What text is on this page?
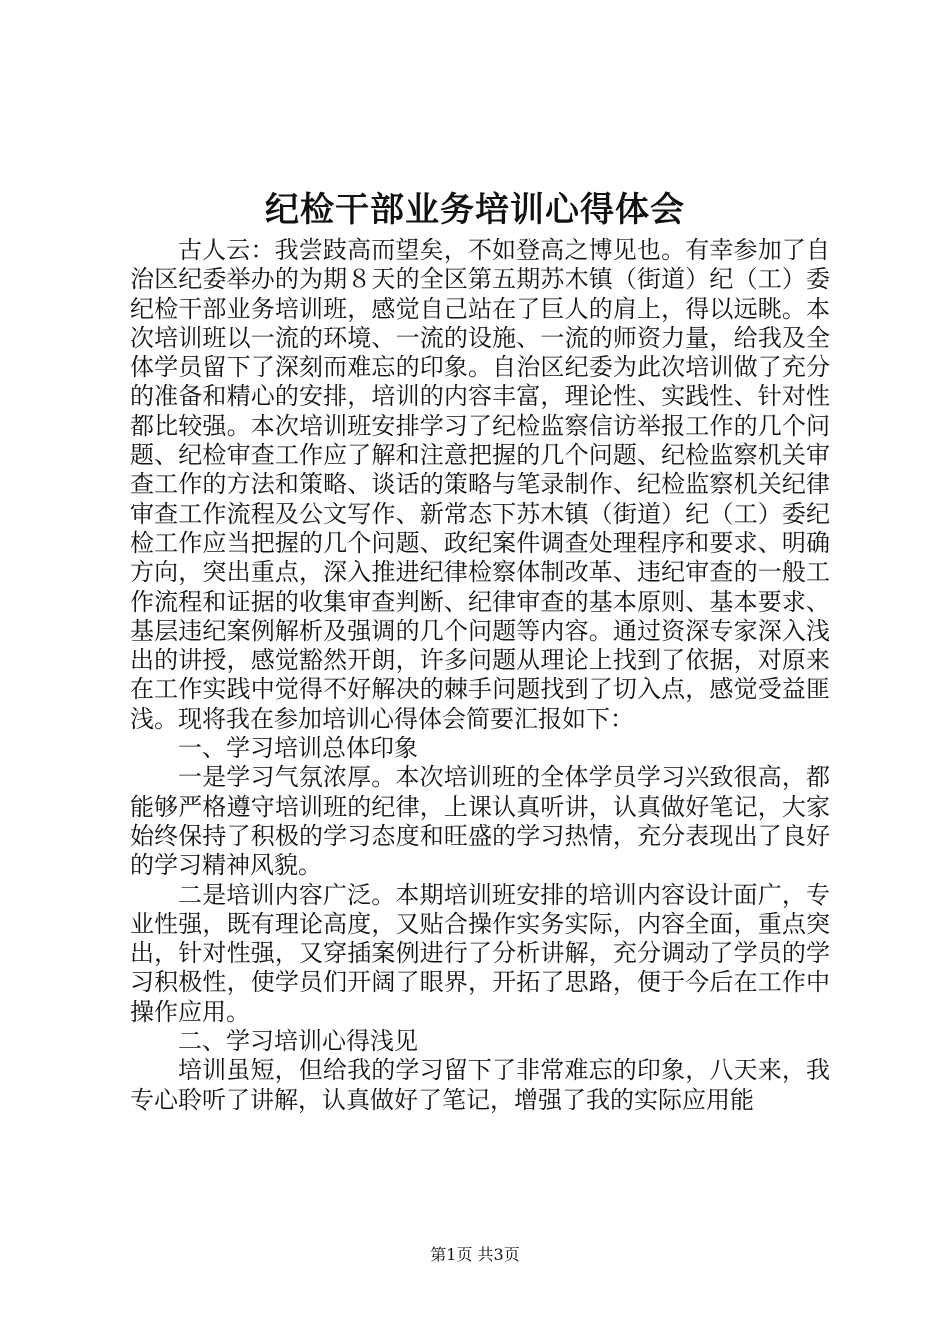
纪检干部业务培训心得体会

古人云：我尝跂高而望矣，不如登高之博见也。有幸参加了自治区纪委举办的为期８天的全区第五期苏木镇（街道）纪（工）委纪检干部业务培训班，感觉自己站在了巨人的肩上，得以远眺。本次培训班以一流的环境、一流的设施、一流的师资力量，给我及全体学员留下了深刻而难忘的印象。自治区纪委为此次培训做了充分的准备和精心的安排，培训的内容丰富，理论性、实践性、针对性都比较强。本次培训班安排学习了纪检监察信访举报工作的几个问题、纪检审查工作应了解和注意把握的几个问题、纪检监察机关审查工作的方法和策略、谈话的策略与笔录制作、纪检监察机关纪律审查工作流程及公文写作、新常态下苏木镇（街道）纪（工）委纪检工作应当把握的几个问题、政纪案件调查处理程序和要求、明确方向，突出重点，深入推进纪律检察体制改革、违纪审查的一般工作流程和证据的收集审查判断、纪律审查的基本原则、基本要求、基层违纪案例解析及强调的几个问题等内容。通过资深专家深入浅出的讲授，感觉豁然开朗，许多问题从理论上找到了依据，对原来在工作实践中觉得不好解决的棘手问题找到了切入点，感觉受益匪浅。现将我在参加培训心得体会简要汇报如下：

一、学习培训总体印象

一是学习气氛浓厚。本次培训班的全体学员学习兴致很高，都能够严格遵守培训班的纪律，上课认真听讲，认真做好笔记，大家始终保持了积极的学习态度和旺盛的学习热情，充分表现出了良好的学习精神风貌。

二是培训内容广泛。本期培训班安排的培训内容设计面广，专业性强，既有理论高度，又贴合操作实务实际，内容全面，重点突出，针对性强，又穿插案例进行了分析讲解，充分调动了学员的学习积极性，使学员们开阔了眼界，开拓了思路，便于今后在工作中操作应用。

二、学习培训心得浅见

培训虽短，但给我的学习留下了非常难忘的印象，八天来，我专心聆听了讲解，认真做好了笔记，增强了我的实际应用能

第1页 共3页
